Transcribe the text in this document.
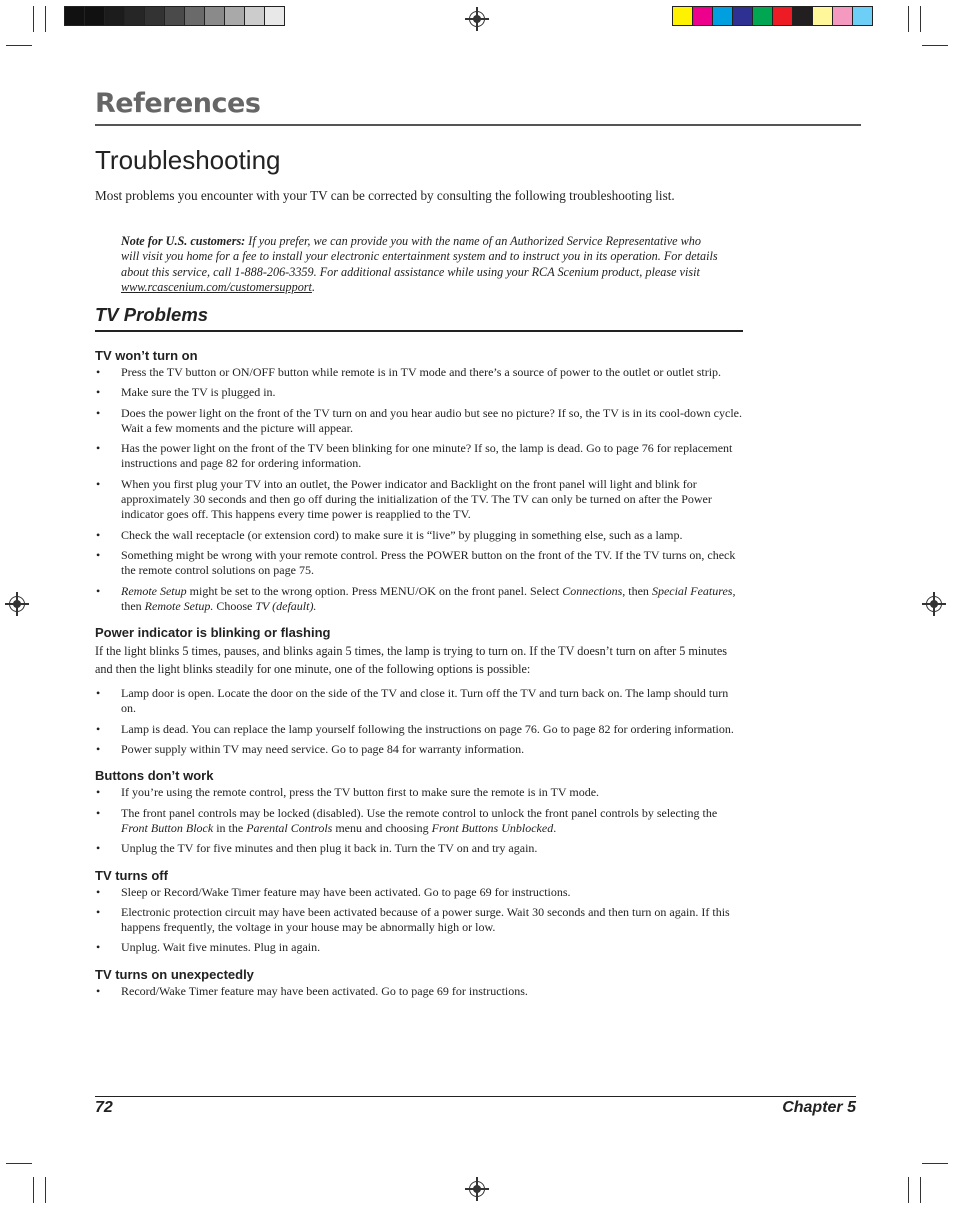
References
Troubleshooting
Most problems you encounter with your TV can be corrected by consulting the following troubleshooting list.
Note for U.S. customers: If you prefer, we can provide you with the name of an Authorized Service Representative who will visit you home for a fee to install your electronic entertainment system and to instruct you in its operation. For details about this service, call 1-888-206-3359. For additional assistance while using your RCA Scenium product, please visit www.rcascenium.com/customersupport.
TV Problems
TV won’t turn on
• Press the TV button or ON/OFF button while remote is in TV mode and there’s a source of power to the outlet or outlet strip.
• Make sure the TV is plugged in.
• Does the power light on the front of the TV turn on and you hear audio but see no picture? If so, the TV is in its cool-down cycle. Wait a few moments and the picture will appear.
• Has the power light on the front of the TV been blinking for one minute? If so, the lamp is dead. Go to page 76 for replacement instructions and page 82 for ordering information.
• When you first plug your TV into an outlet, the Power indicator and Backlight on the front panel will light and blink for approximately 30 seconds and then go off during the initialization of the TV. The TV can only be turned on after the Power indicator goes off. This happens every time power is reapplied to the TV.
• Check the wall receptacle (or extension cord) to make sure it is “live” by plugging in something else, such as a lamp.
• Something might be wrong with your remote control. Press the POWER button on the front of the TV. If the TV turns on, check the remote control solutions on page 75.
• Remote Setup might be set to the wrong option. Press MENU/OK on the front panel. Select Connections, then Special Features, then Remote Setup. Choose TV (default).
Power indicator is blinking or flashing

If the light blinks 5 times, pauses, and blinks again 5 times, the lamp is trying to turn on. If the TV doesn’t turn on after 5 minutes and then the light blinks steadily for one minute, one of the following options is possible:

• Lamp door is open. Locate the door on the side of the TV and close it. Turn off the TV and turn back on. The lamp should turn on.
• Lamp is dead. You can replace the lamp yourself following the instructions on page 76. Go to page 82 for ordering information.
• Power supply within TV may need service. Go to page 84 for warranty information.
Buttons don’t work
• If you’re using the remote control, press the TV button first to make sure the remote is in TV mode.
• The front panel controls may be locked (disabled). Use the remote control to unlock the front panel controls by selecting the Front Button Block in the Parental Controls menu and choosing Front Buttons Unblocked.
• Unplug the TV for five minutes and then plug it back in. Turn the TV on and try again.
TV turns off
• Sleep or Record/Wake Timer feature may have been activated. Go to page 69 for instructions.
• Electronic protection circuit may have been activated because of a power surge. Wait 30 seconds and then turn on again. If this happens frequently, the voltage in your house may be abnormally high or low.
• Unplug. Wait five minutes. Plug in again.
TV turns on unexpectedly
• Record/Wake Timer feature may have been activated. Go to page 69 for instructions.
72	Chapter 5
